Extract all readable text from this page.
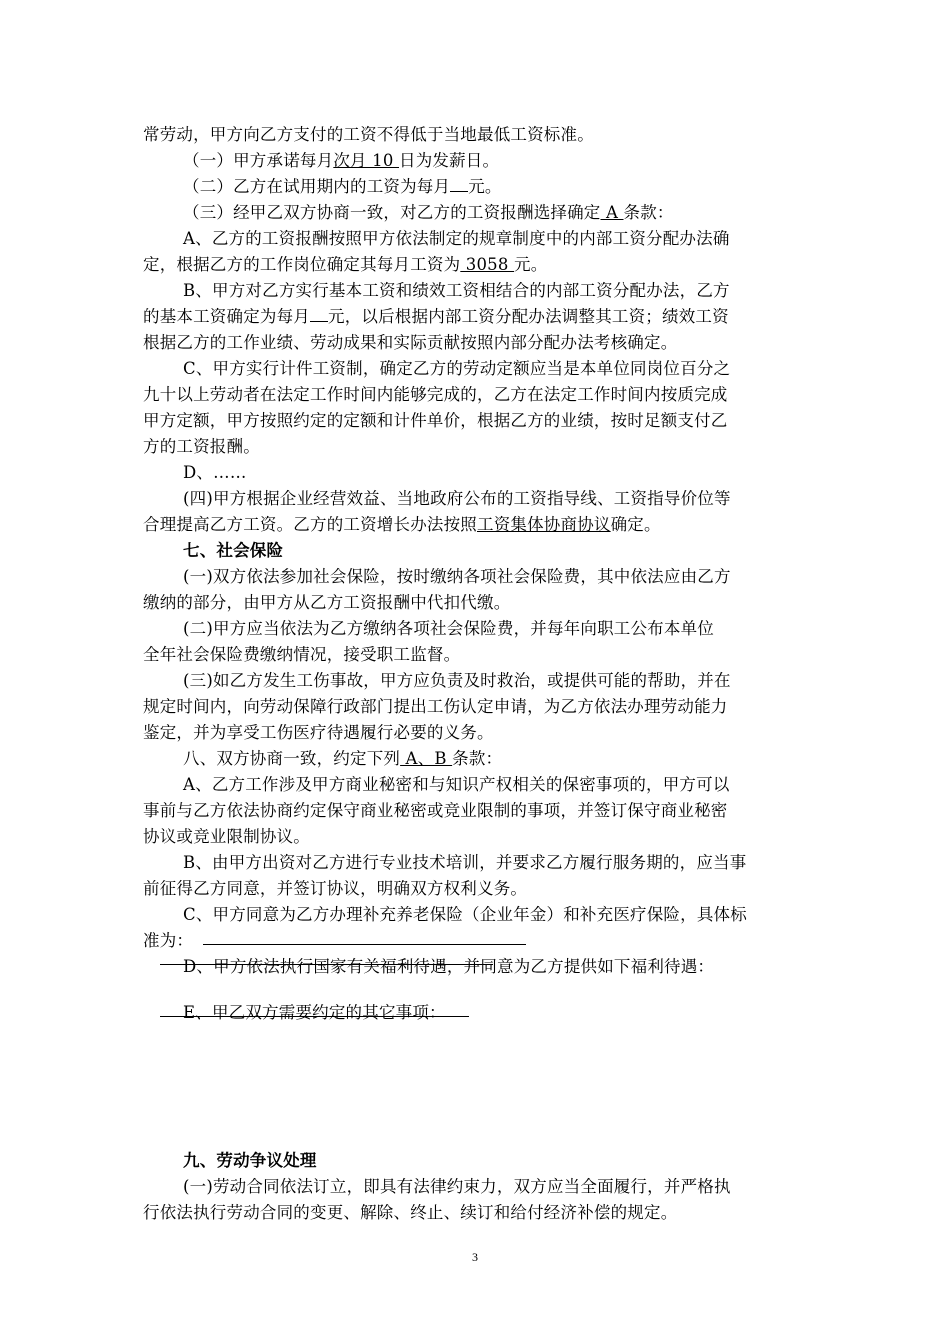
常劳动，甲方向乙方支付的工资不得低于当地最低工资标准。
（一）甲方承诺每月次月 10 日为发薪日。
（二）乙方在试用期内的工资为每月 元。
（三）经甲乙双方协商一致，对乙方的工资报酬选择确定 A 条款：
A、乙方的工资报酬按照甲方依法制定的规章制度中的内部工资分配办法确
定，根据乙方的工作岗位确定其每月工资为 3058 元。
B、甲方对乙方实行基本工资和绩效工资相结合的内部工资分配办法，乙方
的基本工资确定为每月 元，以后根据内部工资分配办法调整其工资；绩效工资
根据乙方的工作业绩、劳动成果和实际贡献按照内部分配办法考核确定。
C、甲方实行计件工资制，确定乙方的劳动定额应当是本单位同岗位百分之
九十以上劳动者在法定工作时间内能够完成的，乙方在法定工作时间内按质完成
甲方定额，甲方按照约定的定额和计件单价，根据乙方的业绩，按时足额支付乙
方的工资报酬。
D、……
(四)甲方根据企业经营效益、当地政府公布的工资指导线、工资指导价位等
合理提高乙方工资。乙方的工资增长办法按照工资集体协商协议确定。
七、社会保险
(一)双方依法参加社会保险，按时缴纳各项社会保险费，其中依法应由乙方
缴纳的部分，由甲方从乙方工资报酬中代扣代缴。
(二)甲方应当依法为乙方缴纳各项社会保险费，并每年向职工公布本单位
全年社会保险费缴纳情况，接受职工监督。
(三)如乙方发生工伤事故，甲方应负责及时救治，或提供可能的帮助，并在
规定时间内，向劳动保障行政部门提出工伤认定申请，为乙方依法办理劳动能力
鉴定，并为享受工伤医疗待遇履行必要的义务。
八、双方协商一致，约定下列 A、B 条款：
A、乙方工作涉及甲方商业秘密和与知识产权相关的保密事项的，甲方可以
事前与乙方依法协商约定保守商业秘密或竞业限制的事项，并签订保守商业秘密
协议或竞业限制协议。
B、由甲方出资对乙方进行专业技术培训，并要求乙方履行服务期的，应当事
前征得乙方同意，并签订协议，明确双方权利义务。
C、甲方同意为乙方办理补充养老保险（企业年金）和补充医疗保险，具体标
准为：
D、甲方依法执行国家有关福利待遇，并同意为乙方提供如下福利待遇：
E、甲乙双方需要约定的其它事项：
九、劳动争议处理
(一)劳动合同依法订立，即具有法律约束力，双方应当全面履行，并严格执
行依法执行劳动合同的变更、解除、终止、续订和给付经济补偿的规定。
3
